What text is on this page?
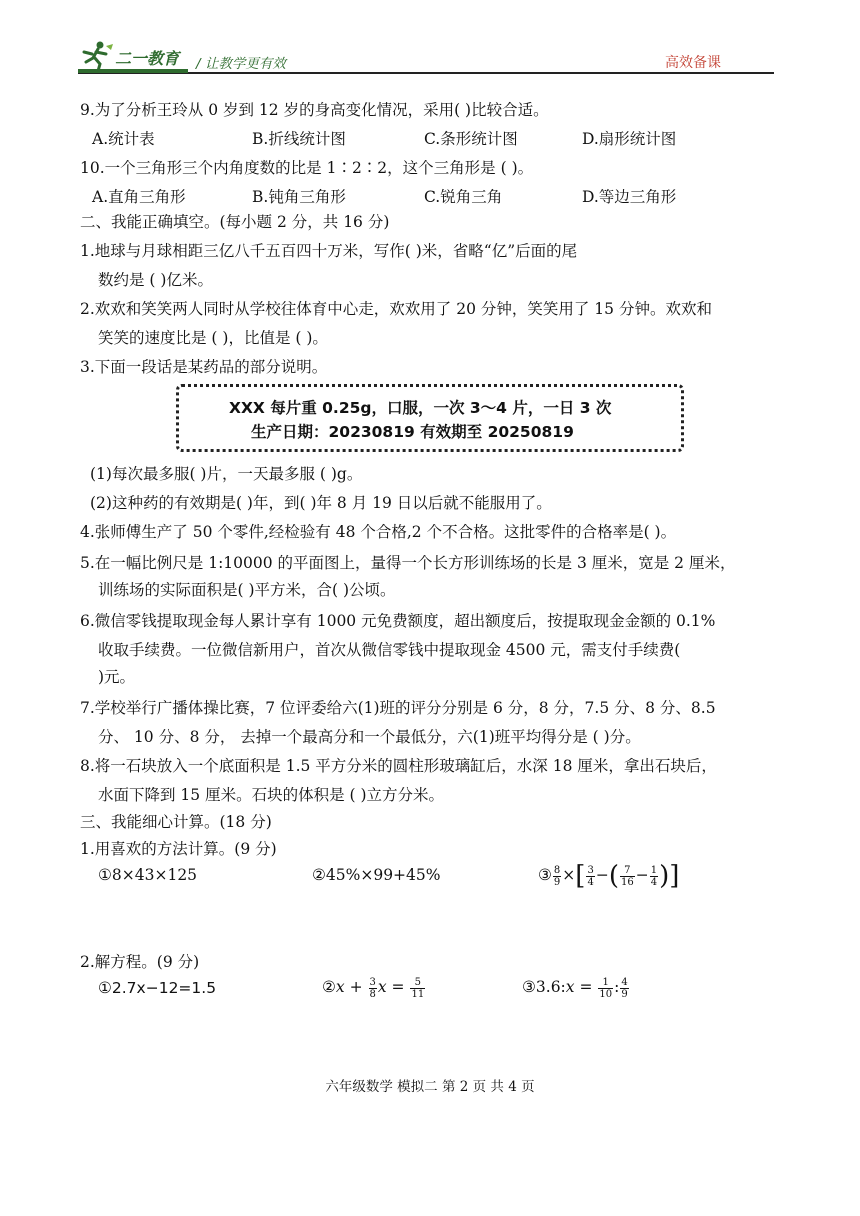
二一教育 / 让教学更有效	高效备课
9.为了分析王玲从 0 岁到 12 岁的身高变化情况，采用( )比较合适。
A.统计表	B.折线统计图	C.条形统计图	D.扇形统计图
10.一个三角形三个内角度数的比是 1∶2∶2，这个三角形是 ( )。
A.直角三角形	B.钝角三角形	C.锐角三角	D.等边三角形
二、我能正确填空。(每小题 2 分，共 16 分)
1.地球与月球相距三亿八千五百四十万米，写作( )米，省略“亿”后面的尾
数约是 ( )亿米。
2.欢欢和笑笑两人同时从学校往体育中心走，欢欢用了 20 分钟，笑笑用了 15 分钟。欢欢和
笑笑的速度比是 ( )，比值是 ( )。
3.下面一段话是某药品的部分说明。
XXX 每片重 0.25g，口服，一次 3～4 片，一日 3 次
生产日期：20230819 有效期至 20250819
(1)每次最多服( )片，一天最多服 ( )g。
(2)这种药的有效期是( )年，到( )年 8 月 19 日以后就不能服用了。
4.张师傅生产了 50 个零件,经检验有 48 个合格,2 个不合格。这批零件的合格率是( )。
5.在一幅比例尺是 1:10000 的平面图上，量得一个长方形训练场的长是 3 厘米，宽是 2 厘米，
训练场的实际面积是( )平方米，合( )公顷。
6.微信零钱提取现金每人累计享有 1000 元免费额度，超出额度后，按提取现金金额的 0.1%
收取手续费。一位微信新用户，首次从微信零钱中提取现金 4500 元，需支付手续费(
)元。
7.学校举行广播体操比赛，7 位评委给六(1)班的评分分别是 6 分，8 分，7.5 分、8 分、8.5
分、 10 分、8 分， 去掉一个最高分和一个最低分，六(1)班平均得分是 ( )分。
8.将一石块放入一个底面积是 1.5 平方分米的圆柱形玻璃缸后，水深 18 厘米，拿出石块后，
水面下降到 15 厘米。石块的体积是 ( )立方分米。
三、我能细心计算。(18 分)
1.用喜欢的方法计算。(9 分)
①8×43×125	②45%×99+45%	③ $\frac{8}{9}$ ×[ $\frac{3}{4}$ −( $\frac{7}{16} - \frac{1}{4}$ )]
2.解方程。(9 分)
①2.7x−12=1.5	②x + $\frac{3}{8}$ $x = \frac{5}{11}$	③3.6:x = $\frac{1}{10}$ : $\frac{4}{9}$
六年级数学 模拟二 第 2 页 共 4 页
